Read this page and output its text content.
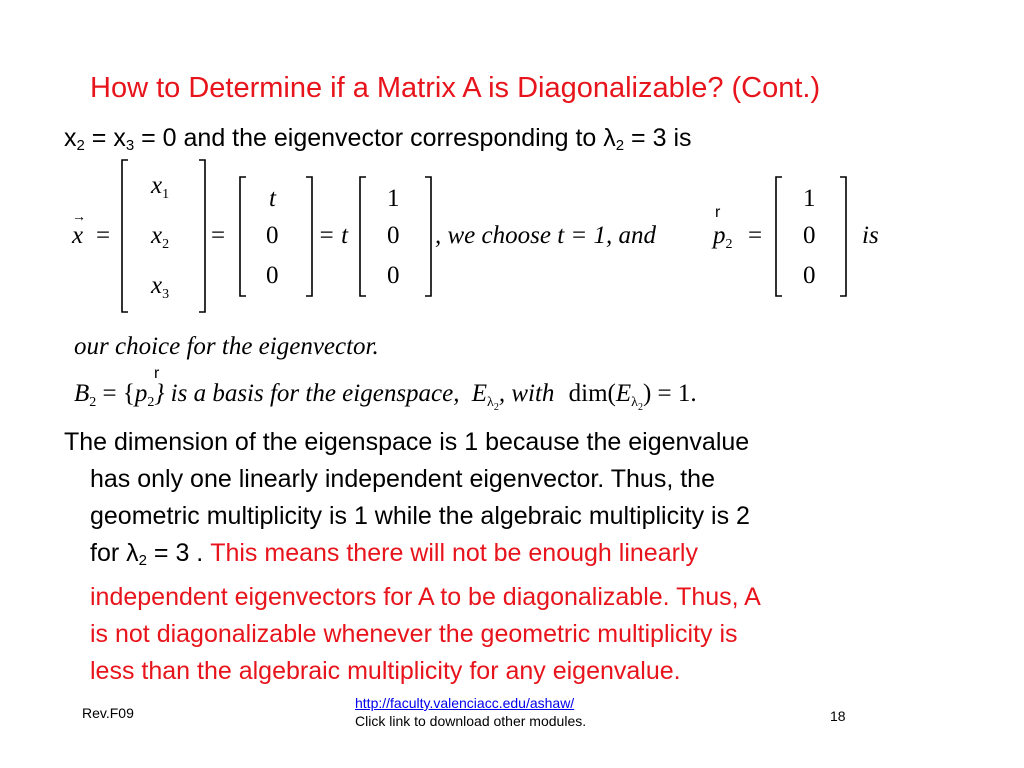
How to Determine if a Matrix A is Diagonalizable? (Cont.)
$x_2 = x_3 = 0$ and the eigenvector corresponding to $\lambda_2 = 3$ is
→
x =
$x_1$
$x_2$
$x_3$
=
t
0
0
= t
1
0
0
, we choose t = 1, and
r
$p_2$ =
1
0
0
is
our choice for the eigenvector.
r
$B_2 = \{p_2\}$ is a basis for the eigenspace, $E_{\lambda 2}$, with $dim(E_{\lambda 2}) = 1$.
The dimension of the eigenspace is 1 because the eigenvalue
has only one linearly independent eigenvector. Thus, the
geometric multiplicity is 1 while the algebraic multiplicity is 2
for $\lambda_2 = 3$ . This means there will not be enough linearly
independent eigenvectors for A to be diagonalizable. Thus, A
is not diagonalizable whenever the geometric multiplicity is
less than the algebraic multiplicity for any eigenvalue.
Rev.F09
http://faculty.valenciacc.edu/ashaw/
Click link to download other modules.	18
